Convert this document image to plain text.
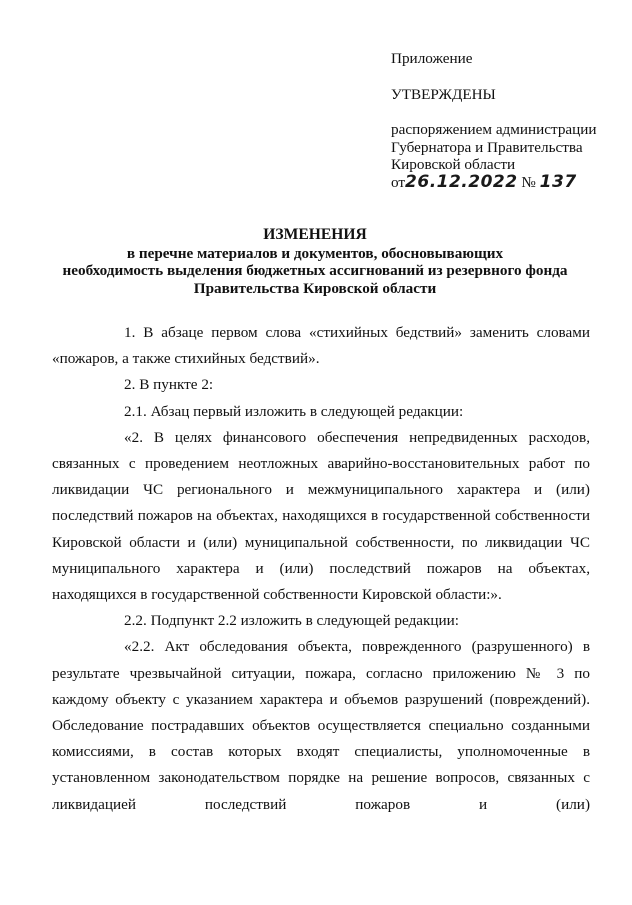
Приложение
УТВЕРЖДЕНЫ
распоряжением администрации
Губернатора и Правительства
Кировской области
от26.12.2022 № 137
ИЗМЕНЕНИЯ
в перечне материалов и документов, обосновывающих
необходимость выделения бюджетных ассигнований из резервного фонда
Правительства Кировской области

1. В абзаце первом слова «стихийных бедствий» заменить словами «пожаров, а также стихийных бедствий».

2. В пункте 2:

2.1. Абзац первый изложить в следующей редакции:

«2. В целях финансового обеспечения непредвиденных расходов, связанных с проведением неотложных аварийно-восстановительных работ по ликвидации ЧС регионального и межмуниципального характера и (или) последствий пожаров на объектах, находящихся в государственной собственности Кировской области и (или) муниципальной собственности, по ликвидации ЧС муниципального характера и (или) последствий пожаров на объектах, находящихся в государственной собственности Кировской области:».

2.2. Подпункт 2.2 изложить в следующей редакции:

«2.2. Акт обследования объекта, поврежденного (разрушенного) в результате чрезвычайной ситуации, пожара, согласно приложению № 3 по каждому объекту с указанием характера и объемов разрушений (повреждений). Обследование пострадавших объектов осуществляется специально созданными комиссиями, в состав которых входят специалисты, уполномоченные в установленном законодательством порядке на решение вопросов, связанных с ликвидацией последствий пожаров и (или)
